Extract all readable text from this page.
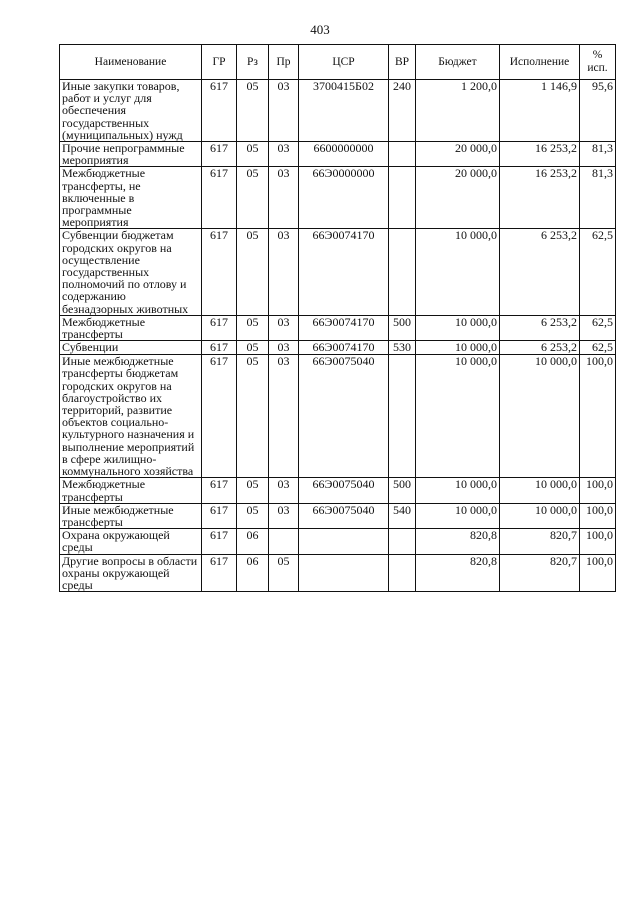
403
Наименование	ГР	Рз	Пр	ЦСР	ВР	Бюджет	Исполнение	% исп.
Иные закупки товаров, работ и услуг для обеспечения государственных (муниципальных) нужд	617	05	03	3700415Б02	240	1 200,0	1 146,9	95,6
Прочие непрограммные мероприятия	617	05	03	6600000000		20 000,0	16 253,2	81,3
Межбюджетные трансферты, не включенные в программные мероприятия	617	05	03	66Э0000000		20 000,0	16 253,2	81,3
Субвенции бюджетам городских округов на осуществление государственных полномочий по отлову и содержанию безнадзорных животных	617	05	03	66Э0074170		10 000,0	6 253,2	62,5
Межбюджетные трансферты	617	05	03	66Э0074170	500	10 000,0	6 253,2	62,5
Субвенции	617	05	03	66Э0074170	530	10 000,0	6 253,2	62,5
Иные межбюджетные трансферты бюджетам городских округов на благоустройство их территорий, развитие объектов социально-культурного назначения и выполнение мероприятий в сфере жилищно-коммунального хозяйства	617	05	03	66Э0075040		10 000,0	10 000,0	100,0
Межбюджетные трансферты	617	05	03	66Э0075040	500	10 000,0	10 000,0	100,0
Иные межбюджетные трансферты	617	05	03	66Э0075040	540	10 000,0	10 000,0	100,0
Охрана окружающей среды	617	06				820,8	820,7	100,0
Другие вопросы в области охраны окружающей среды	617	06	05			820,8	820,7	100,0
